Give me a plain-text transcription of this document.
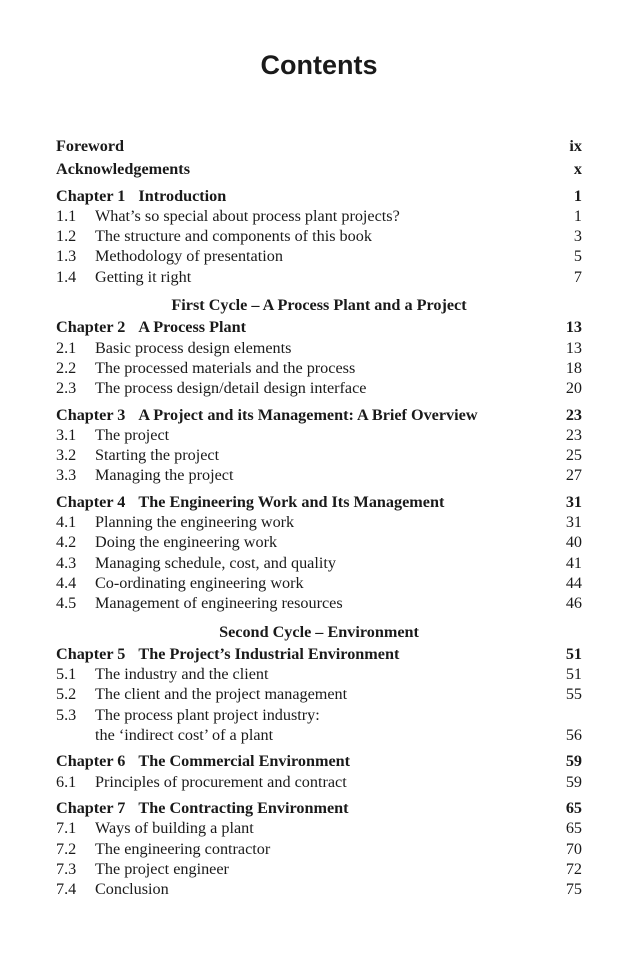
Contents
Foreword	ix
Acknowledgements	x
Chapter 1 Introduction	1
1.1	What’s so special about process plant projects?	1
1.2	The structure and components of this book	3
1.3	Methodology of presentation	5
1.4	Getting it right	7
First Cycle – A Process Plant and a Project
Chapter 2 A Process Plant	13
2.1	Basic process design elements	13
2.2	The processed materials and the process	18
2.3	The process design/detail design interface	20
Chapter 3 A Project and its Management: A Brief Overview	23
3.1	The project	23
3.2	Starting the project	25
3.3	Managing the project	27
Chapter 4 The Engineering Work and Its Management	31
4.1	Planning the engineering work	31
4.2	Doing the engineering work	40
4.3	Managing schedule, cost, and quality	41
4.4	Co-ordinating engineering work	44
4.5	Management of engineering resources	46
Second Cycle – Environment
Chapter 5 The Project’s Industrial Environment	51
5.1	The industry and the client	51
5.2	The client and the project management	55
5.3	The process plant project industry:
the ‘indirect cost’ of a plant	56
Chapter 6 The Commercial Environment	59
6.1	Principles of procurement and contract	59
Chapter 7 The Contracting Environment	65
7.1	Ways of building a plant	65
7.2	The engineering contractor	70
7.3	The project engineer	72
7.4	Conclusion	75
